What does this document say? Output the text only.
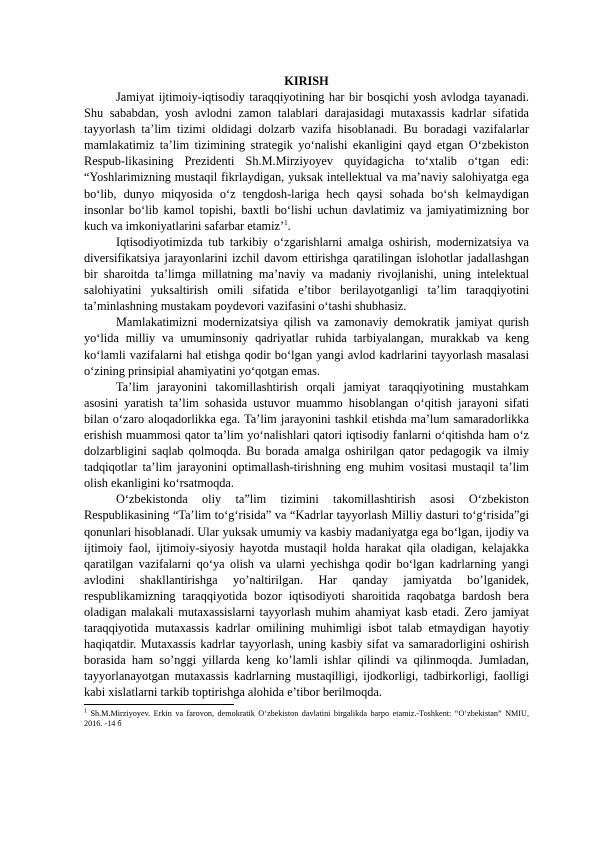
KIRISH

Jamiyat ijtimoiy-iqtisodiy taraqqiyotining har bir bosqichi yosh avlodga tayanadi. Shu sababdan, yosh avlodni zamon talablari darajasidagi mutaxassis kadrlar sifatida tayyorlash ta’lim tizimi oldidagi dolzarb vazifa hisoblanadi. Bu boradagi vazifalarlar mamlakatimiz ta’lim tizimining strategik yo‘nalishi ekanligini qayd etgan O‘zbekiston Respub-likasining Prezidenti Sh.M.Mirziyoyev quyidagicha to‘xtalib o‘tgan edi: “Yoshlarimizning mustaqil fikrlaydigan, yuksak intellektual va ma’naviy salohiyatga ega bo‘lib, dunyo miqyosida o‘z tengdosh-lariga hech qaysi sohada bo‘sh kelmaydigan insonlar bo‘lib kamol topishi, baxtli bo‘lishi uchun davlatimiz va jamiyatimizning bor kuch va imkoniyatlarini safarbar etamiz’$^1$.

Iqtisodiyotimizda tub tarkibiy o‘zgarishlarni amalga oshirish, modernizatsiya va diversifikatsiya jarayonlarini izchil davom ettirishga qaratilingan islohotlar jadallashgan bir sharoitda ta’limga millatning ma’naviy va madaniy rivojlanishi, uning intelektual salohiyatini yuksaltirish omili sifatida e’tibor berilayotganligi ta’lim taraqqiyotini ta’minlashning mustakam poydevori vazifasini o‘tashi shubhasiz.

Mamlakatimizni modernizatsiya qilish va zamonaviy demokratik jamiyat qurish yo‘lida milliy va umuminsoniy qadriyatlar ruhida tarbiyalangan, murakkab va keng ko‘lamli vazifalarni hal etishga qodir bo‘lgan yangi avlod kadrlarini tayyorlash masalasi o‘zining prinsipial ahamiyatini yo‘qotgan emas.

Ta’lim jarayonini takomillashtirish orqali jamiyat taraqqiyotining mustahkam asosini yaratish ta’lim sohasida ustuvor muammo hisoblangan o‘qitish jarayoni sifati bilan o‘zaro aloqadorlikka ega. Ta’lim jarayonini tashkil etishda ma’lum samaradorlikka erishish muammosi qator ta’lim yo‘nalishlari qatori iqtisodiy fanlarni o‘qitishda ham o‘z dolzarbligini saqlab qolmoqda. Bu borada amalga oshirilgan qator pedagogik va ilmiy tadqiqotlar ta’lim jarayonini optimallash-tirishning eng muhim vositasi mustaqil ta’lim olish ekanligini ko‘rsatmoqda.

O‘zbekistonda oliy ta”lim tizimini takomillashtirish asosi O‘zbekiston Respublikasining “Ta’lim to‘g‘risida” va “Kadrlar tayyorlash Milliy dasturi to‘g‘risida”gi qonunlari hisoblanadi. Ular yuksak umumiy va kasbiy madaniyatga ega bo‘lgan, ijodiy va ijtimoiy faol, ijtimoiy-siyosiy hayotda mustaqil holda harakat qila oladigan, kelajakka qaratilgan vazifalarni qo‘ya olish va ularni yechishga qodir bo‘lgan kadrlarning yangi avlodini shakllantirishga yo’naltirilgan. Har qanday jamiyatda bo’lganidek, respublikamizning taraqqiyotida bozor iqtisodiyoti sharoitida raqobatga bardosh bera oladigan malakali mutaxassislarni tayyorlash muhim ahamiyat kasb etadi. Zero jamiyat taraqqiyotida mutaxassis kadrlar omilining muhimligi isbot talab etmaydigan hayotiy haqiqatdir. Mutaxassis kadrlar tayyorlash, uning kasbiy sifat va samaradorligini oshirish borasida ham so’nggi yillarda keng ko’lamli ishlar qilindi va qilinmoqda. Jumladan, tayyorlanayotgan mutaxassis kadrlarning mustaqilligi, ijodkorligi, tadbirkorligi, faolligi kabi xislatlarni tarkib toptirishga alohida e’tibor berilmoqda.

$^1$ Sh.M.Mirziyoyev. Erkin va farovon, demokratik O‘zbekiston davlatini birgalikda barpo etamiz.-Toshkent: “O‘zbekistan” NMIU, 2016. -14 б
